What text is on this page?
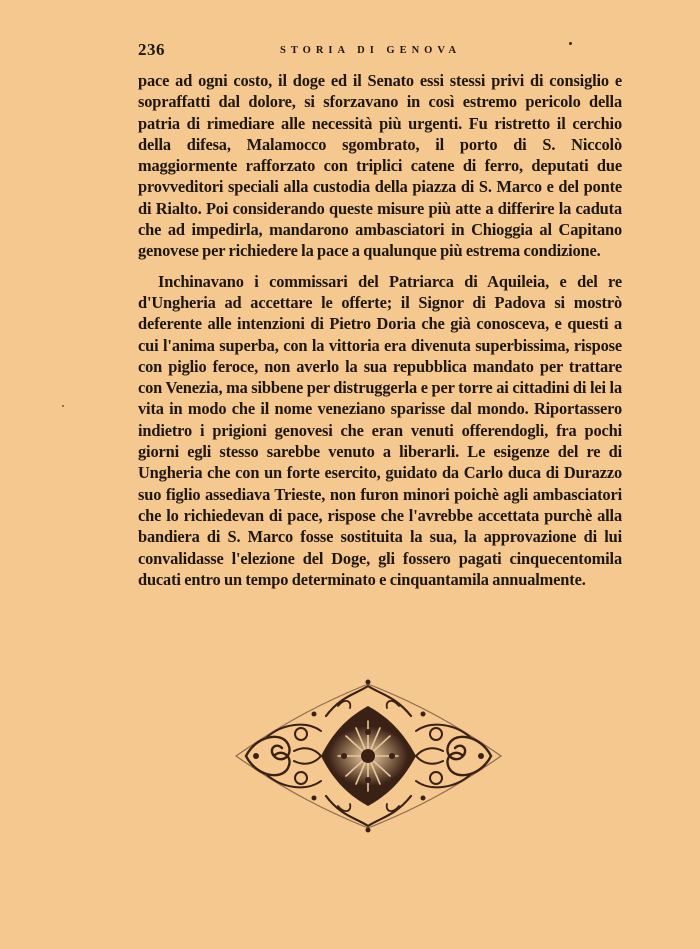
236	STORIA DI GENOVA

pace ad ogni costo, il doge ed il Senato essi stessi privi di consiglio e sopraffatti dal dolore, si sforzavano in così estremo pericolo della patria di rimediare alle necessità più urgenti. Fu ristretto il cerchio della difesa, Malamocco sgombrato, il porto di S. Niccolò maggiormente rafforzato con triplici catene di ferro, deputati due provveditori speciali alla custodia della piazza di S. Marco e del ponte di Rialto. Poi considerando queste misure più atte a differire la caduta che ad impedirla, mandarono ambasciatori in Chioggia al Capitano genovese per richiedere la pace a qualunque più estrema condizione.

Inchinavano i commissari del Patriarca di Aquileia, e del re d'Ungheria ad accettare le offerte; il Signor di Padova si mostrò deferente alle intenzioni di Pietro Doria che già conosceva, e questi a cui l'anima superba, con la vittoria era divenuta superbissima, rispose con piglio feroce, non averlo la sua repubblica mandato per trattare con Venezia, ma sibbene per distruggerla e per torre ai cittadini di lei la vita in modo che il nome veneziano sparisse dal mondo. Riportassero indietro i prigioni genovesi che eran venuti offerendogli, fra pochi giorni egli stesso sarebbe venuto a liberarli. Le esigenze del re di Ungheria che con un forte esercito, guidato da Carlo duca di Durazzo suo figlio assediava Trieste, non furon minori poichè agli ambasciatori che lo richiedevan di pace, rispose che l'avrebbe accettata purchè alla bandiera di S. Marco fosse sostituita la sua, la approvazione di lui convalidasse l'elezione del Doge, gli fossero pagati cinquecentomila ducati entro un tempo determinato e cinquantamila annualmente.
